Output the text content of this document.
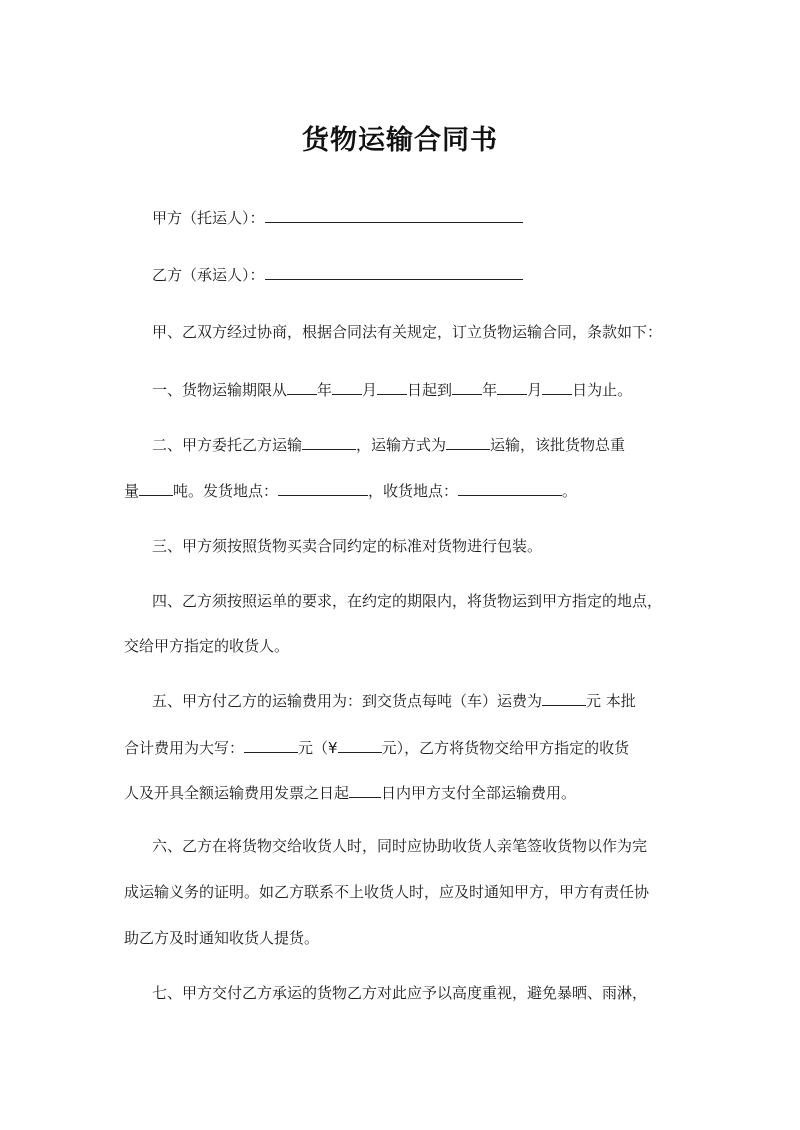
货物运输合同书
甲方（托运人）：
乙方（承运人）：
甲、乙双方经过协商，根据合同法有关规定，订立货物运输合同，条款如下：
一、货物运输期限从 年 月 日起到 年 月 日为止。
二、甲方委托乙方运输	，运输方式为	运输，该批货物总重
量 吨。发货地点：	，收货地点：	。
三、甲方须按照货物买卖合同约定的标准对货物进行包装。
四、乙方须按照运单的要求，在约定的期限内，将货物运到甲方指定的地点，
交给甲方指定的收货人。
五、甲方付乙方的运输费用为：到交货点每吨（车）运费为	元 本批
合计费用为大写：	元（¥	元），乙方将货物交给甲方指定的收货
人及开具全额运输费用发票之日起 日内甲方支付全部运输费用。
六、乙方在将货物交给收货人时，同时应协助收货人亲笔签收货物以作为完
成运输义务的证明。如乙方联系不上收货人时，应及时通知甲方，甲方有责任协
助乙方及时通知收货人提货。
七、甲方交付乙方承运的货物乙方对此应予以高度重视，避免暴晒、雨淋，
